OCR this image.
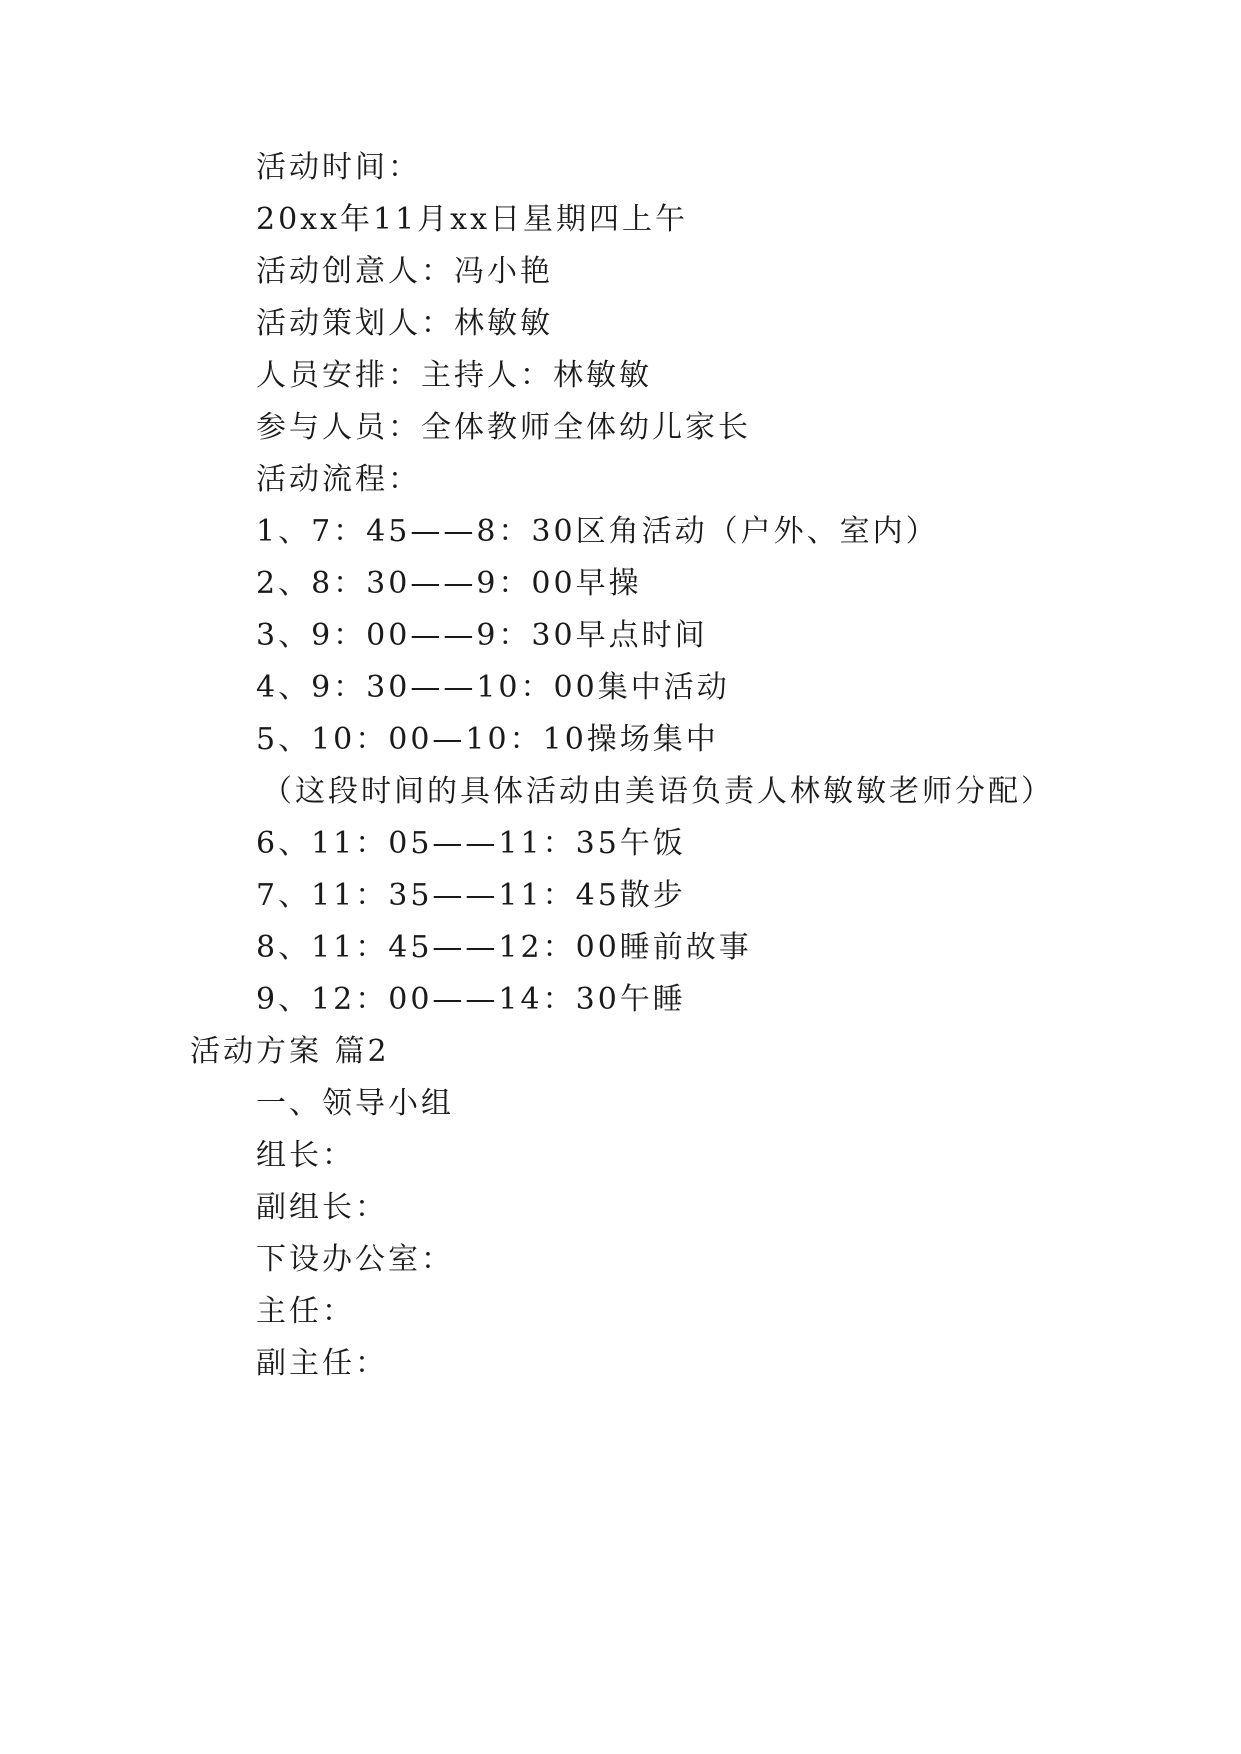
活动时间：
20xx年11月xx日星期四上午
活动创意人：冯小艳
活动策划人：林敏敏
人员安排：主持人：林敏敏
参与人员：全体教师全体幼儿家长
活动流程：
1、7：45——8：30区角活动（户外、室内）
2、8：30——9：00早操
3、9：00——9：30早点时间
4、9：30——10：00集中活动
5、10：00—10：10操场集中
（这段时间的具体活动由美语负责人林敏敏老师分配）
6、11：05——11：35午饭
7、11：35——11：45散步
8、11：45——12：00睡前故事
9、12：00——14：30午睡
活动方案 篇2
一、领导小组
组长：
副组长：
下设办公室：
主任：
副主任：
